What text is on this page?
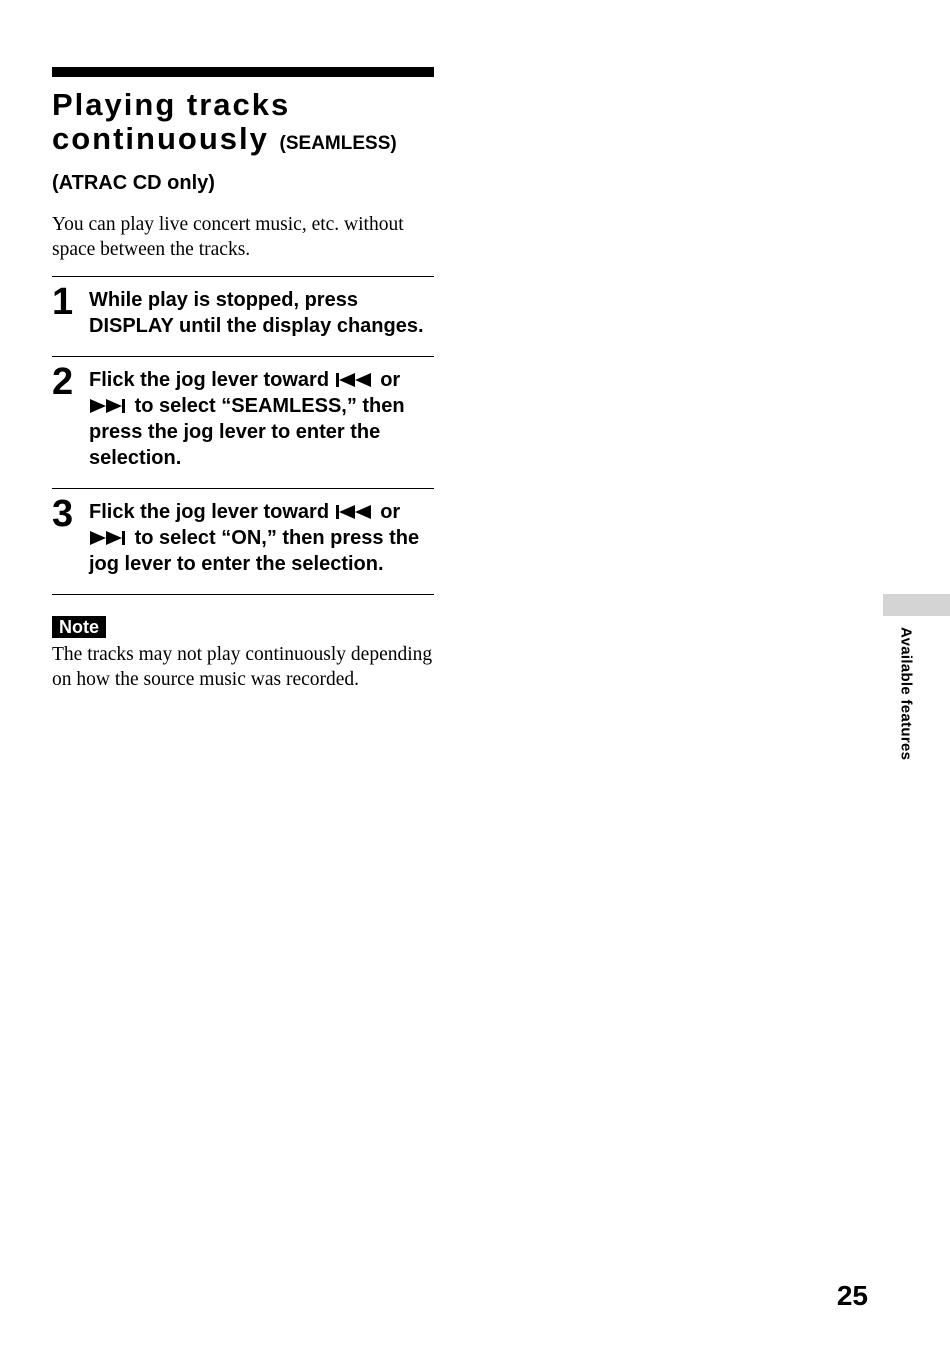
Playing tracks
continuously (SEAMLESS)
(ATRAC CD only)
You can play live concert music, etc. without space between the tracks.
1 While play is stopped, press DISPLAY until the display changes.
2 Flick the jog lever toward	or  to select “SEAMLESS,” then press the jog lever to enter the selection.
3 Flick the jog lever toward	or  to select “ON,” then press the jog lever to enter the selection.
Note
The tracks may not play continuously depending on how the source music was recorded.	Available features
25
